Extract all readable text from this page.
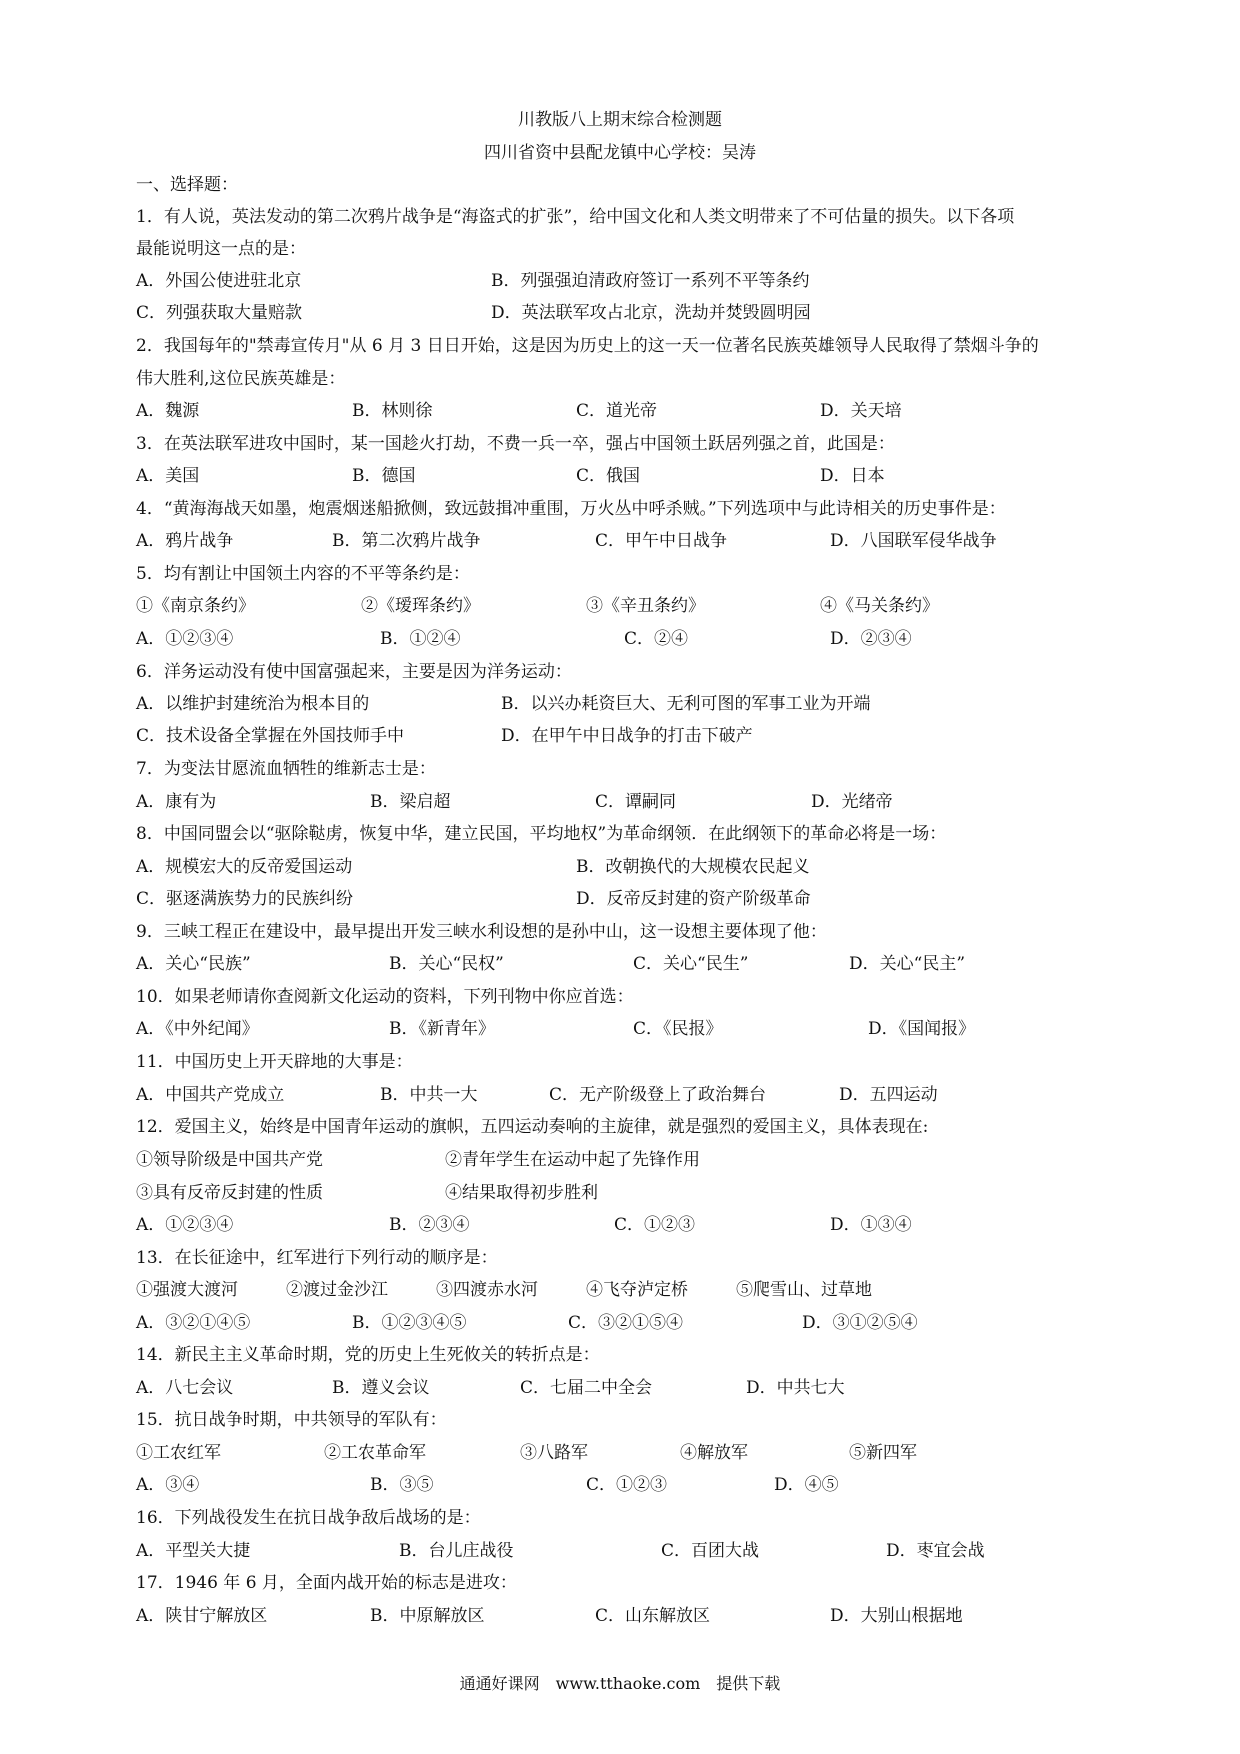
川教版八上期末综合检测题
四川省资中县配龙镇中心学校：吴涛
一、选择题：
1．有人说，英法发动的第二次鸦片战争是“海盗式的扩张”，给中国文化和人类文明带来了不可估量的损失。以下各项
最能说明这一点的是：
A．外国公使进驻北京	B．列强强迫清政府签订一系列不平等条约
C．列强获取大量赔款	D．英法联军攻占北京，洗劫并焚毁圆明园
2．我国每年的"禁毒宣传月"从 6 月 3 日日开始，这是因为历史上的这一天一位著名民族英雄领导人民取得了禁烟斗争的
伟大胜利,这位民族英雄是：
A．魏源	B．林则徐	C．道光帝	D．关天培
3．在英法联军进攻中国时，某一国趁火打劫，不费一兵一卒，强占中国领土跃居列强之首，此国是：
A．美国	B．德国	C．俄国	D．日本
4．“黄海海战天如墨，炮震烟迷船掀侧，致远鼓揖冲重围，万火丛中呼杀贼。”下列选项中与此诗相关的历史事件是：
A．鸦片战争	B．第二次鸦片战争	C．甲午中日战争	D．八国联军侵华战争
5．均有割让中国领土内容的不平等条约是：
①《南京条约》	②《瑷珲条约》	③《辛丑条约》	④《马关条约》
A．①②③④	B．①②④	C．②④	D．②③④
6．洋务运动没有使中国富强起来，主要是因为洋务运动：
A．以维护封建统治为根本目的	B．以兴办耗资巨大、无利可图的军事工业为开端
C．技术设备全掌握在外国技师手中	D．在甲午中日战争的打击下破产
7．为变法甘愿流血牺牲的维新志士是：
A．康有为	B．梁启超	C．谭嗣同	D．光绪帝
8．中国同盟会以“驱除鞑虏，恢复中华，建立民国，平均地权”为革命纲领．在此纲领下的革命必将是一场：
A．规模宏大的反帝爱国运动	B．改朝换代的大规模农民起义
C．驱逐满族势力的民族纠纷	D．反帝反封建的资产阶级革命
9．三峡工程正在建设中，最早提出开发三峡水利设想的是孙中山，这一设想主要体现了他：
A．关心“民族”	B．关心“民权”	C．关心“民生”	D．关心“民主”
10．如果老师请你查阅新文化运动的资料，下列刊物中你应首选：
A．《中外纪闻》	B．《新青年》	C．《民报》	D．《国闻报》
11．中国历史上开天辟地的大事是：
A．中国共产党成立	B．中共一大	C．无产阶级登上了政治舞台	D．五四运动
12．爱国主义，始终是中国青年运动的旗帜，五四运动奏响的主旋律，就是强烈的爱国主义，具体表现在:
①领导阶级是中国共产党	②青年学生在运动中起了先锋作用
③具有反帝反封建的性质	④结果取得初步胜利
A．①②③④	B．②③④	C．①②③	D．①③④
13．在长征途中，红军进行下列行动的顺序是：
①强渡大渡河	②渡过金沙江	③四渡赤水河	④飞夺泸定桥	⑤爬雪山、过草地
A．③②①④⑤	B．①②③④⑤	C．③②①⑤④	D．③①②⑤④
14．新民主主义革命时期，党的历史上生死攸关的转折点是：
A．八七会议	B．遵义会议	C．七届二中全会	D．中共七大
15．抗日战争时期，中共领导的军队有：
①工农红军	②工农革命军	③八路军	④解放军	⑤新四军
A．③④	B．③⑤	C．①②③	D．④⑤
16．下列战役发生在抗日战争敌后战场的是：
A．平型关大捷	B．台儿庄战役	C．百团大战	D．枣宜会战
17．1946 年 6 月，全面内战开始的标志是进攻：
A．陕甘宁解放区	B．中原解放区	C．山东解放区	D．大别山根据地
通通好课网　www.tthaoke.com　提供下载
